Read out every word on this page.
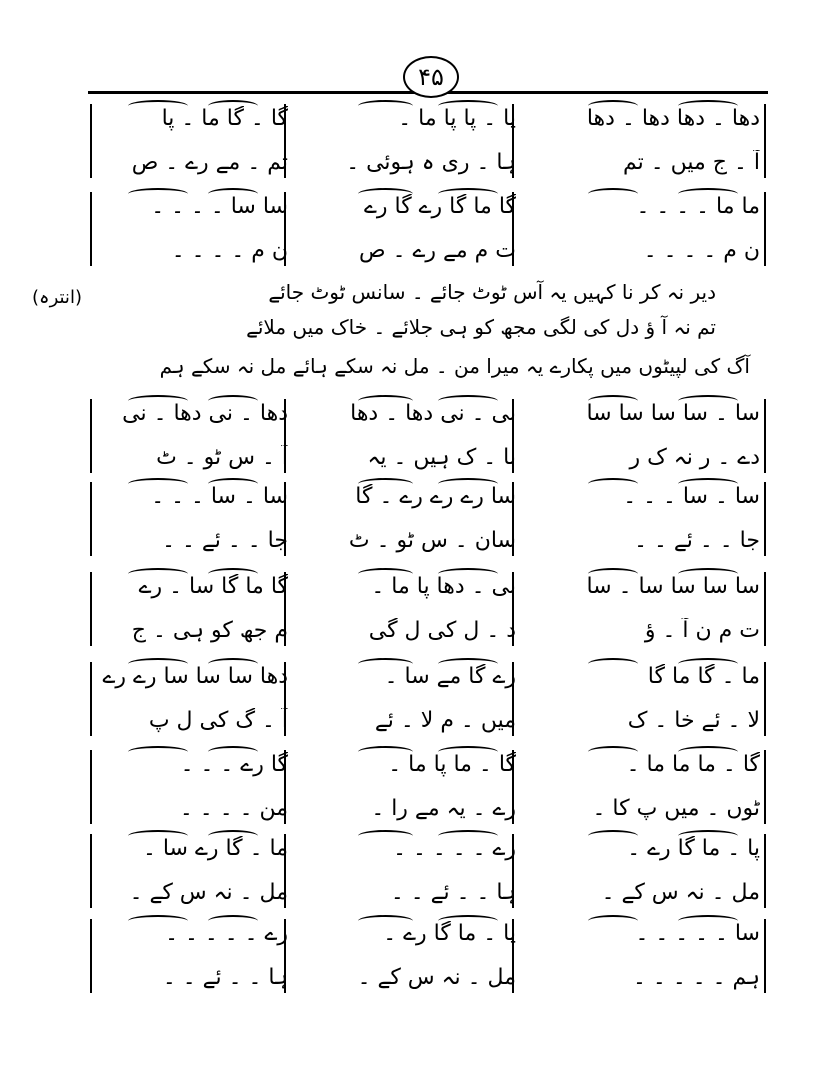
۴۵
(انترہ)	دیر نہ کر نا کہیں یہ آس ٹوٹ جائے ۔ سانس ٹوٹ جائے
تم نہ آ ؤ دل کی لگی مجھ کو ہی جلائے ۔ خاک میں ملائے
آگ کی لپیٹوں میں پکارے یہ میرا من ۔ مل نہ سکے ہائے مل نہ سکے ہم
دھا ۔ دھا دھا ۔ دھا
پا ۔ پا پا ما ۔
گا ۔ گا ما ۔ پا
آ ۔ ج میں ۔ تم
ہا ۔ ری ہ ہوئی ۔
تم ۔ مے رے ۔ ص
ما ما ۔ ۔ ۔ ۔
گا ما گا رے گا رے
سا سا ۔ ۔ ۔ ۔
ن م ۔ ۔ ۔ ۔
ت م مے رے ۔ ص
ن م ۔ ۔ ۔ ۔
سا ۔ سا سا سا سا
نی ۔ نی دھا ۔ دھا
دھا ۔ نی دھا ۔ نی
دے ۔ ر نہ ک ر
نا ۔ ک ہیں ۔ یہ
آ ۔ س ٹو ۔ ٹ
سا ۔ سا ۔ ۔ ۔
سا رے رے رے ۔ گا
سا ۔ سا ۔ ۔ ۔
جا ۔ ۔ ئے ۔ ۔
سان ۔ س ٹو ۔ ٹ
جا ۔ ۔ ئے ۔ ۔
سا سا سا سا ۔ سا
نی ۔ دھا پا ما ۔
گا ما گا سا ۔ رے
ت م ن آ ۔ ؤ
د ۔ ل کی ل گی
م جھ کو ہی ۔ ج
ما ۔ گا ما گا
رے گا مے سا ۔
دھا سا سا سا رے رے
لا ۔ ئے خا ۔ ک
میں ۔ م لا ۔ ئے
آ ۔ گ کی ل پ
گا ۔ ما ما ما ۔
گا ۔ ما پا ما ۔
گا رے ۔ ۔ ۔
ٹوں ۔ میں پ کا ۔
رے ۔ یہ مے را ۔
من ۔ ۔ ۔ ۔
پا ۔ ما گا رے ۔
رے ۔ ۔ ۔ ۔ ۔
ما ۔ گا رے سا ۔
مل ۔ نہ س کے ۔
ہا ۔ ۔ ئے ۔ ۔
مل ۔ نہ س کے ۔
سا ۔ ۔ ۔ ۔ ۔
پا ۔ ما گا رے ۔
رے ۔ ۔ ۔ ۔ ۔
ہم ۔ ۔ ۔ ۔ ۔
مل ۔ نہ س کے ۔
ہا ۔ ۔ ئے ۔ ۔
